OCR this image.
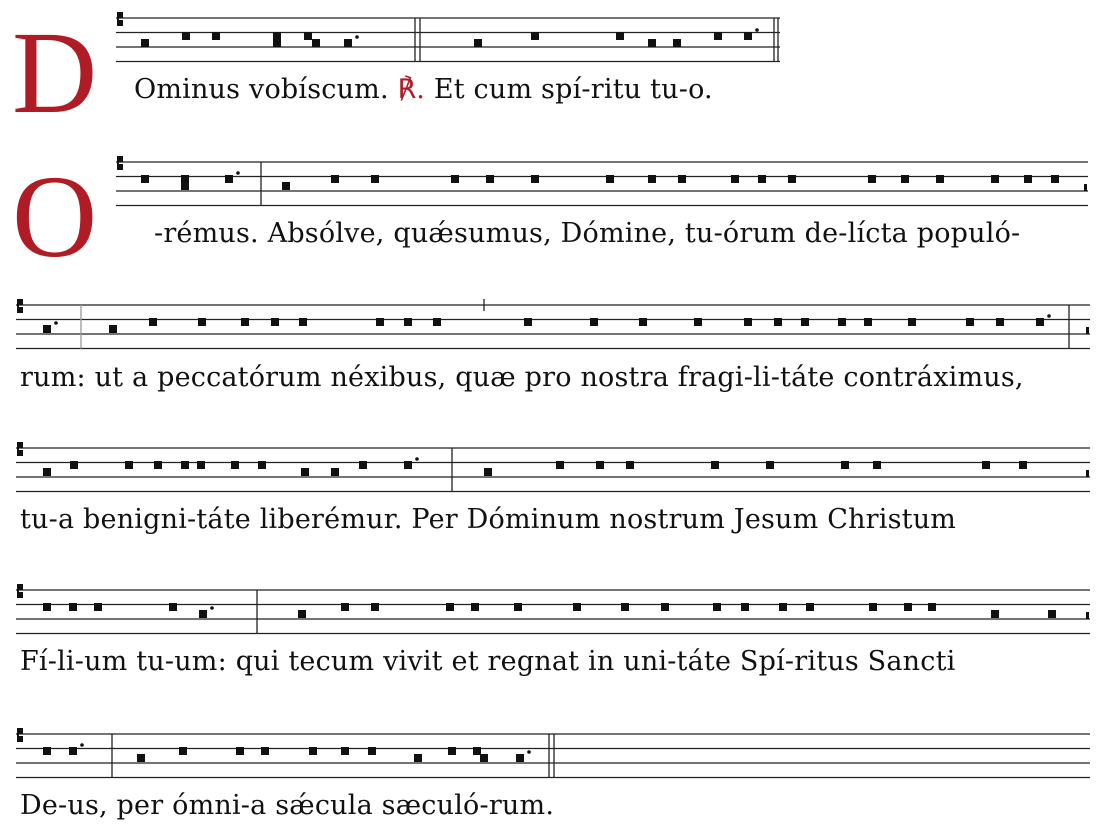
D
O
Ominus vobíscum. ℟. Et cum spí-ritu tu-o.
-rémus. Absólve, quǽsumus, Dómine, tu-órum de-lícta populó-
rum: ut a peccatórum néxibus, quæ pro nostra fragi-li-táte contráximus,
tu-a benigni-táte liberémur. Per Dóminum nostrum Jesum Christum
Fí-li-um tu-um: qui tecum vivit et regnat in uni-táte Spí-ritus Sancti
De-us, per ómni-a sǽcula sæculó-rum.
